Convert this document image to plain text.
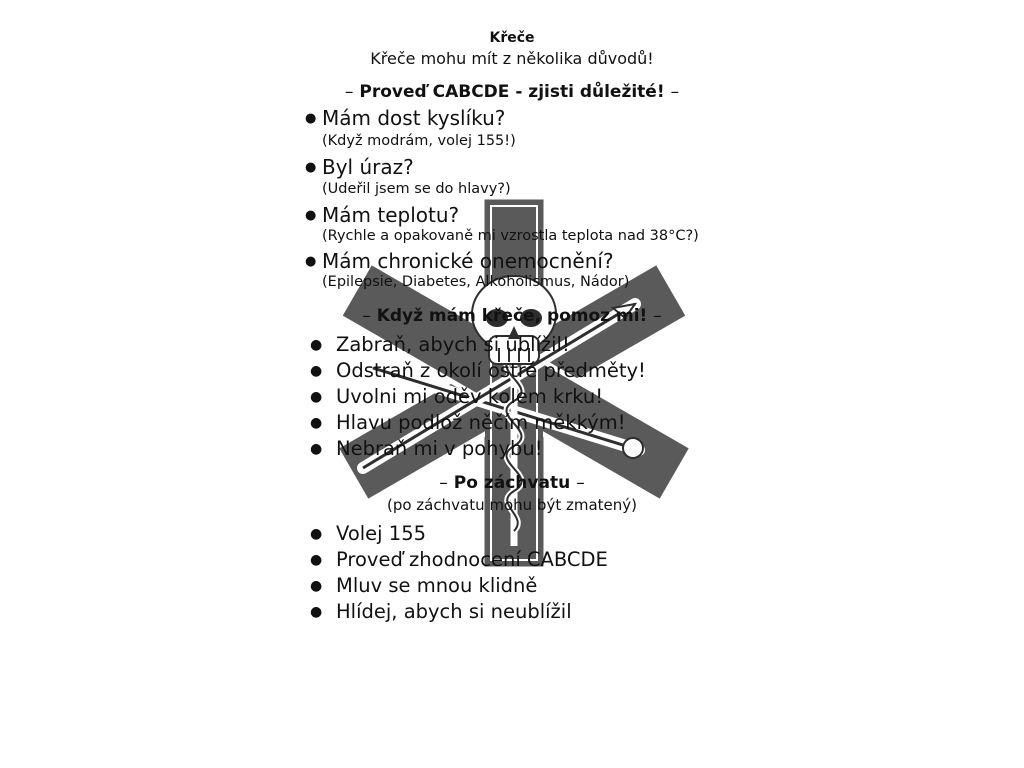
Křeče
Křeče mohu mít z několika důvodů!
– Proveď CABCDE - zjisti důležité! –
● Mám dost kyslíku?
(Když modrám, volej 155!)
● Byl úraz?
(Udeřil jsem se do hlavy?)
● Mám teplotu?
(Rychle a opakovaně mi vzrostla teplota nad 38°C?)
● Mám chronické onemocnění?
(Epilepsie, Diabetes, Alkoholismus, Nádor)
– Když mám křeče, pomoz mi! –
● Zabraň, abych si ublížil!
● Odstraň z okolí ostré předměty!
● Uvolni mi oděv kolem krku!
● Hlavu podlož něčím měkkým!
● Nebraň mi v pohybu!
– Po záchvatu –
(po záchvatu mohu být zmatený)
● Volej 155
● Proveď zhodnocení CABCDE
● Mluv se mnou klidně
● Hlídej, abych si neublížil
